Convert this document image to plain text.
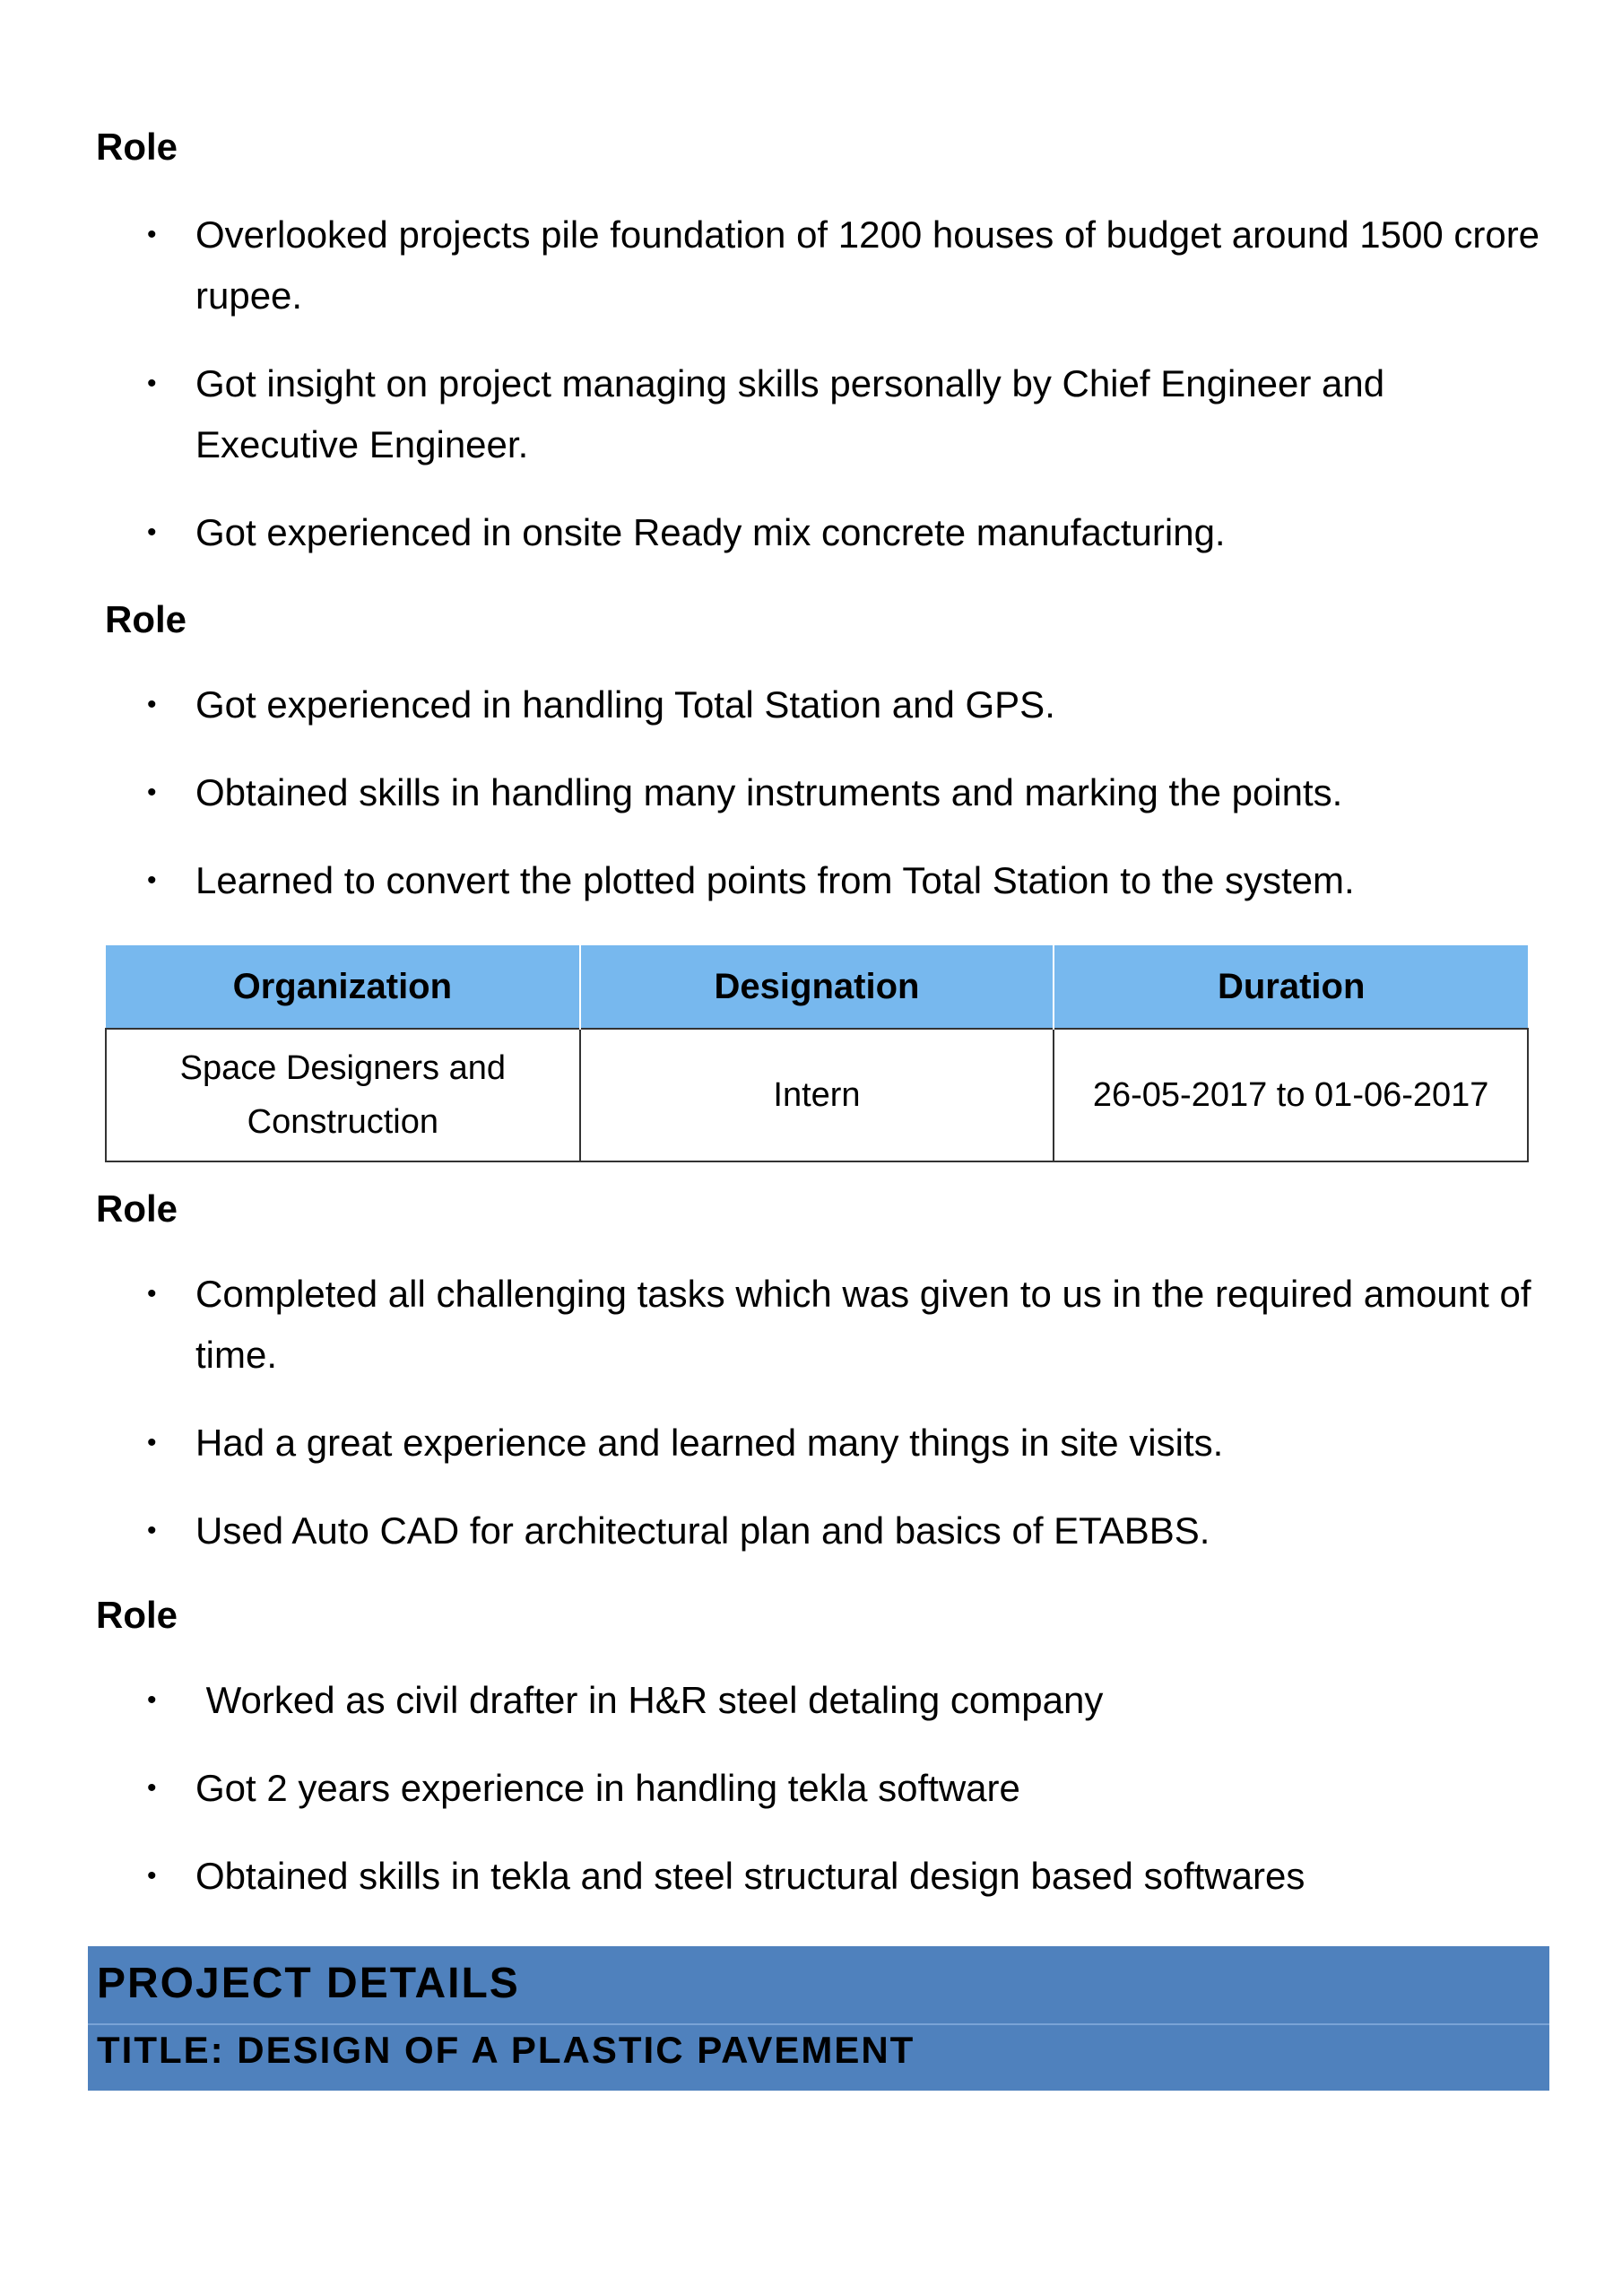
Role
• Overlooked projects pile foundation of 1200 houses of budget around 1500 crore rupee.
• Got insight on project managing skills personally by Chief Engineer and Executive Engineer.
• Got experienced in onsite Ready mix concrete manufacturing.
Role
• Got experienced in handling Total Station and GPS.
• Obtained skills in handling many instruments and marking the points.
• Learned to convert the plotted points from Total Station to the system.
Organization	Designation	Duration
Space Designers and Construction	Intern	26-05-2017 to 01-06-2017
Role
• Completed all challenging tasks which was given to us in the required amount of time.
• Had a great experience and learned many things in site visits.
• Used Auto CAD for architectural plan and basics of ETABBS.
Role
• Worked as civil drafter in H&R steel detaling company
• Got 2 years experience in handling tekla software
• Obtained skills in tekla and steel structural design based softwares
PROJECT DETAILS
TITLE: DESIGN OF A PLASTIC PAVEMENT
